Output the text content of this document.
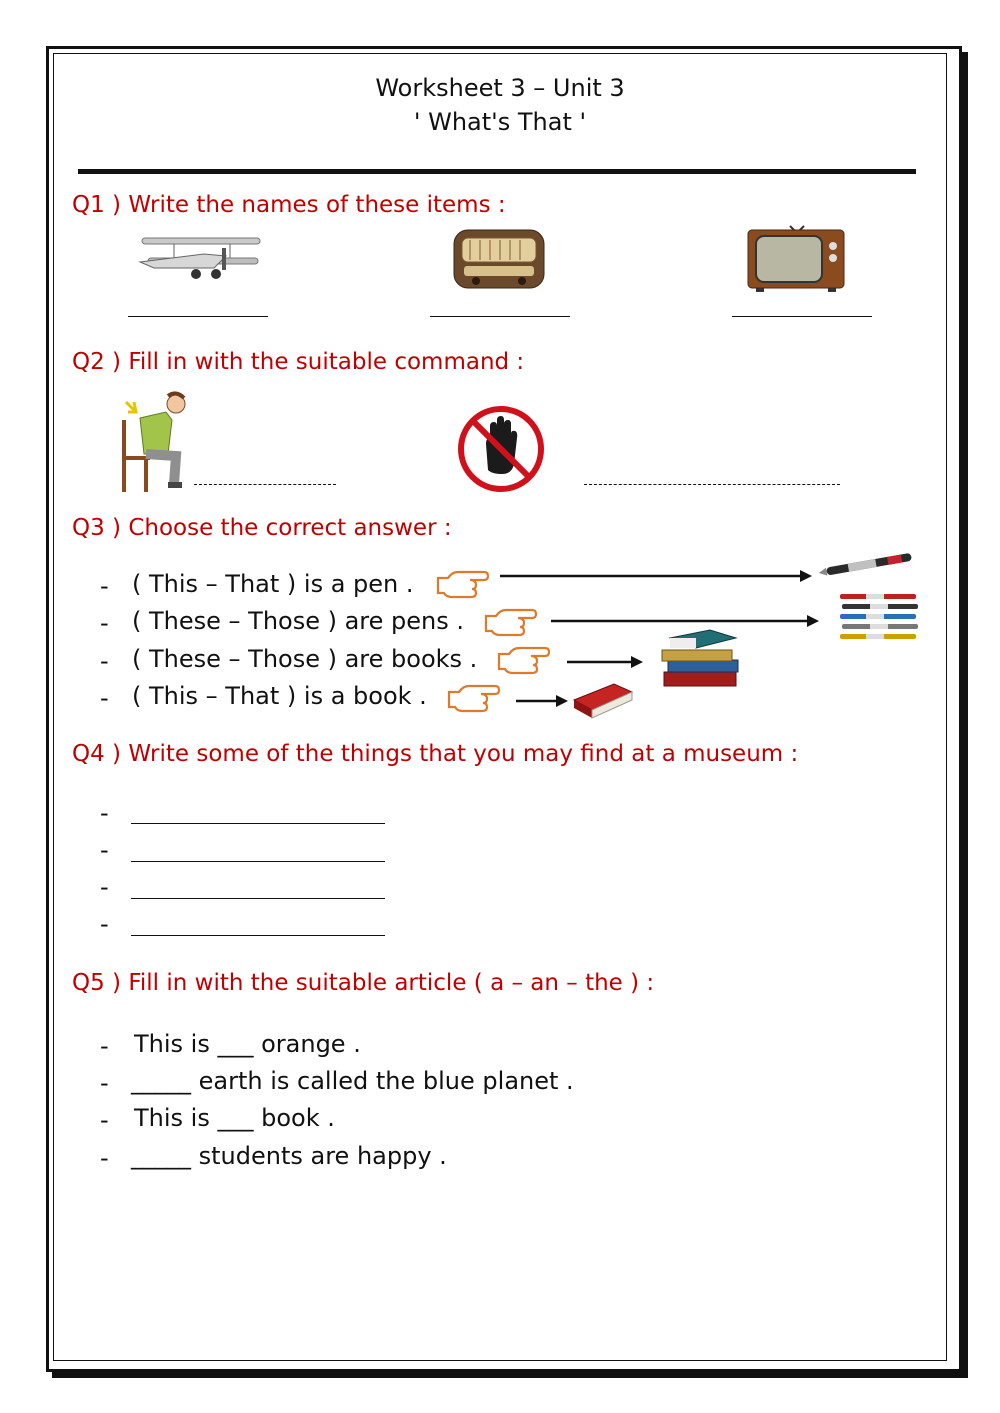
Worksheet 3 – Unit 3
' What's That '
Q1 ) Write the names of these items :
Q2 ) Fill in with the suitable command :
Q3 ) Choose the correct answer :
- ( This – That ) is a pen .
- ( These – Those ) are pens .
- ( These – Those ) are books .
- ( This – That ) is a book .
Q4 ) Write some of the things that you may find at a museum :
-
-
-
-
Q5 ) Fill in with the suitable article ( a – an – the ) :
- This is ___ orange .
- _____ earth is called the blue planet .
- This is ___ book .
- _____ students are happy .
